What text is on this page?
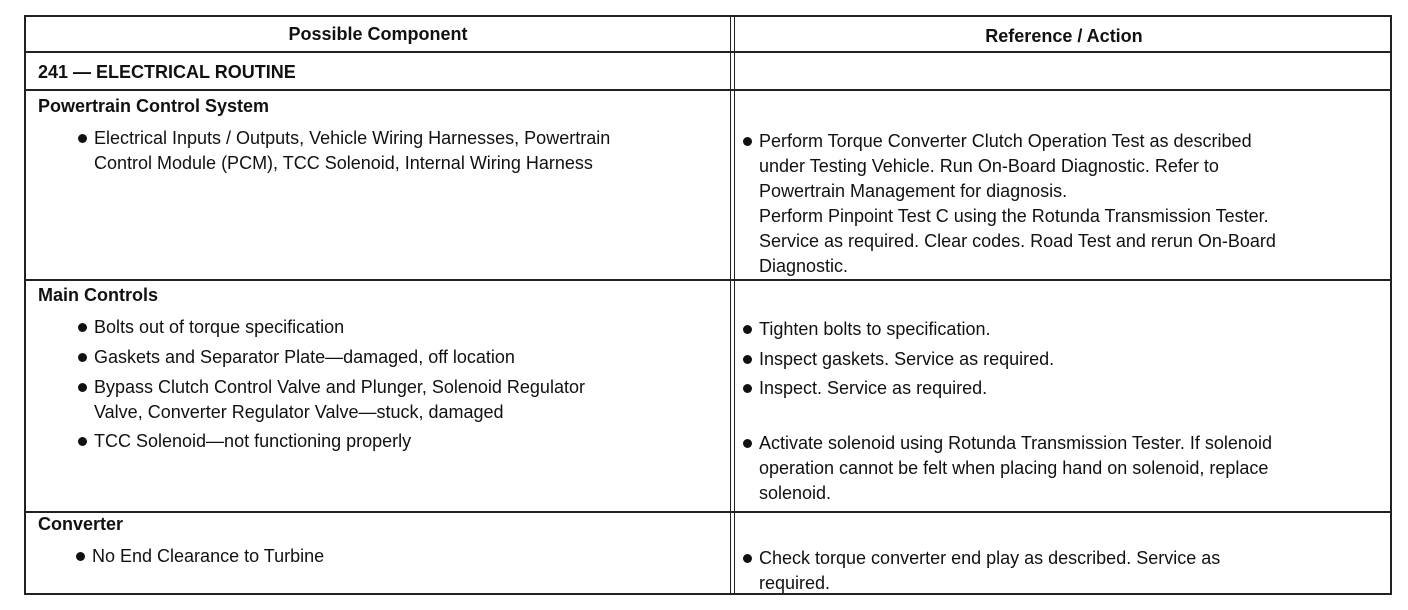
Possible Component	Reference / Action
241 — ELECTRICAL ROUTINE
Powertrain Control System
Electrical Inputs / Outputs, Vehicle Wiring Harnesses, Powertrain
Control Module (PCM), TCC Solenoid, Internal Wiring Harness
Perform Torque Converter Clutch Operation Test as described
under Testing Vehicle. Run On-Board Diagnostic. Refer to
Powertrain Management for diagnosis.
Perform Pinpoint Test C using the Rotunda Transmission Tester.
Service as required. Clear codes. Road Test and rerun On-Board
Diagnostic.
Main Controls
Bolts out of torque specification
Gaskets and Separator Plate—damaged, off location
Bypass Clutch Control Valve and Plunger, Solenoid Regulator
Valve, Converter Regulator Valve—stuck, damaged
TCC Solenoid—not functioning properly
Tighten bolts to specification.
Inspect gaskets. Service as required.
Inspect. Service as required.
Activate solenoid using Rotunda Transmission Tester. If solenoid
operation cannot be felt when placing hand on solenoid, replace
solenoid.
Converter
No End Clearance to Turbine	Check torque converter end play as described. Service as
required.
